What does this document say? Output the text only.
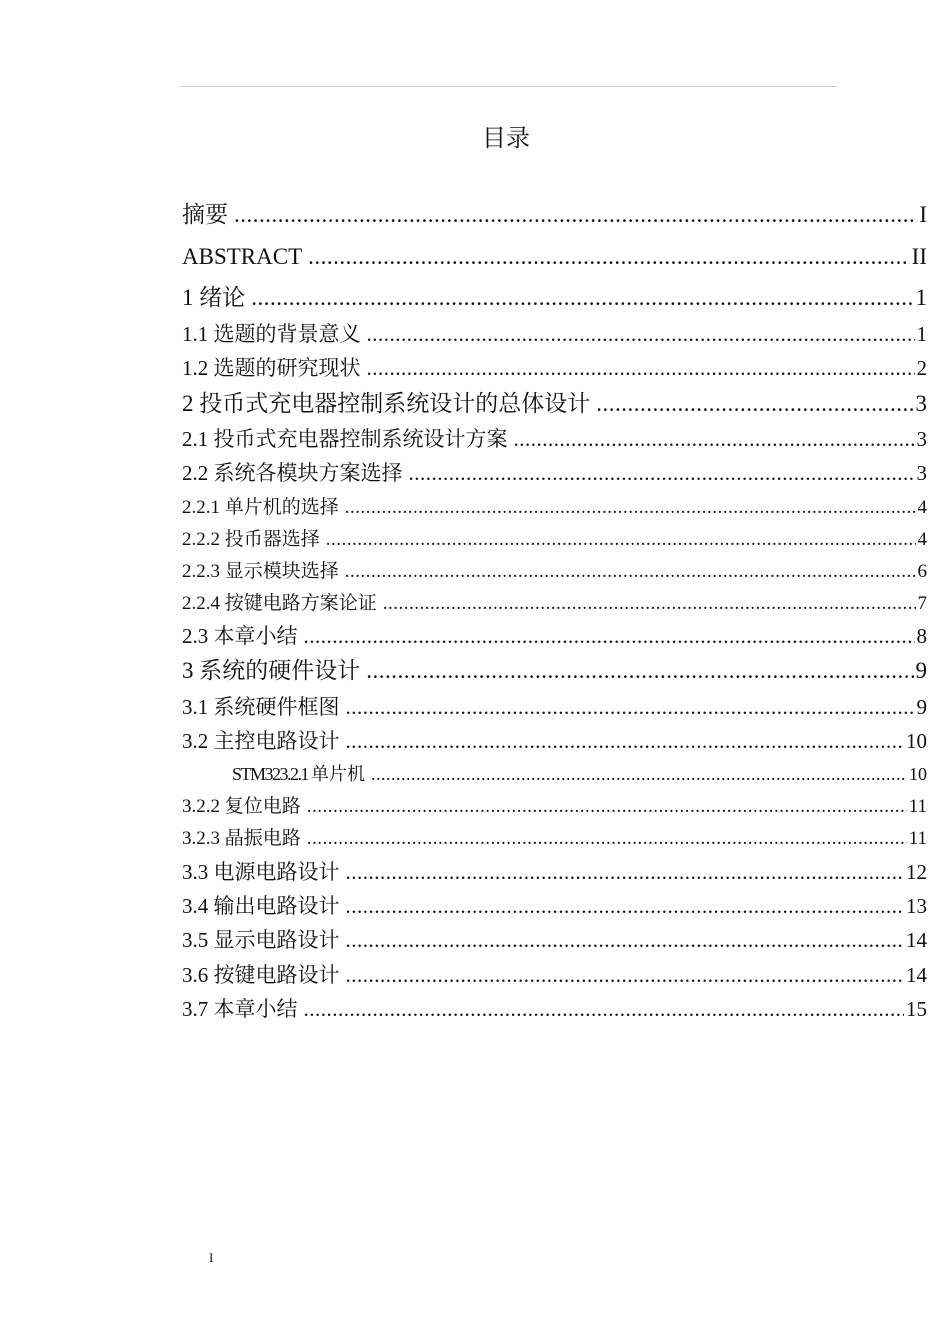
目录
摘要 .....	I
ABSTRACT .....	II
1 绪论 .....	1
1.1 选题的背景意义 .....	1
1.2 选题的研究现状 .....	2
2 投币式充电器控制系统设计的总体设计 .....	3
2.1 投币式充电器控制系统设计方案 .....	3
2.2 系统各模块方案选择 .....	3
2.2.1 单片机的选择 .....	4
2.2.2 投币器选择 .....	4
2.2.3 显示模块选择 .....	6
2.2.4 按键电路方案论证 .....	7
2.3 本章小结 .....	8
3 系统的硬件设计 .....	9
3.1 系统硬件框图 .....	9
3.2 主控电路设计 .....	10
STM323.2.1 单片机 .....	10
3.2.2 复位电路 .....	11
3.2.3 晶振电路 .....	11
3.3 电源电路设计 .....	12
3.4 输出电路设计 .....	13
3.5 显示电路设计 .....	14
3.6 按键电路设计 .....	14
3.7 本章小结 .....	15
I
